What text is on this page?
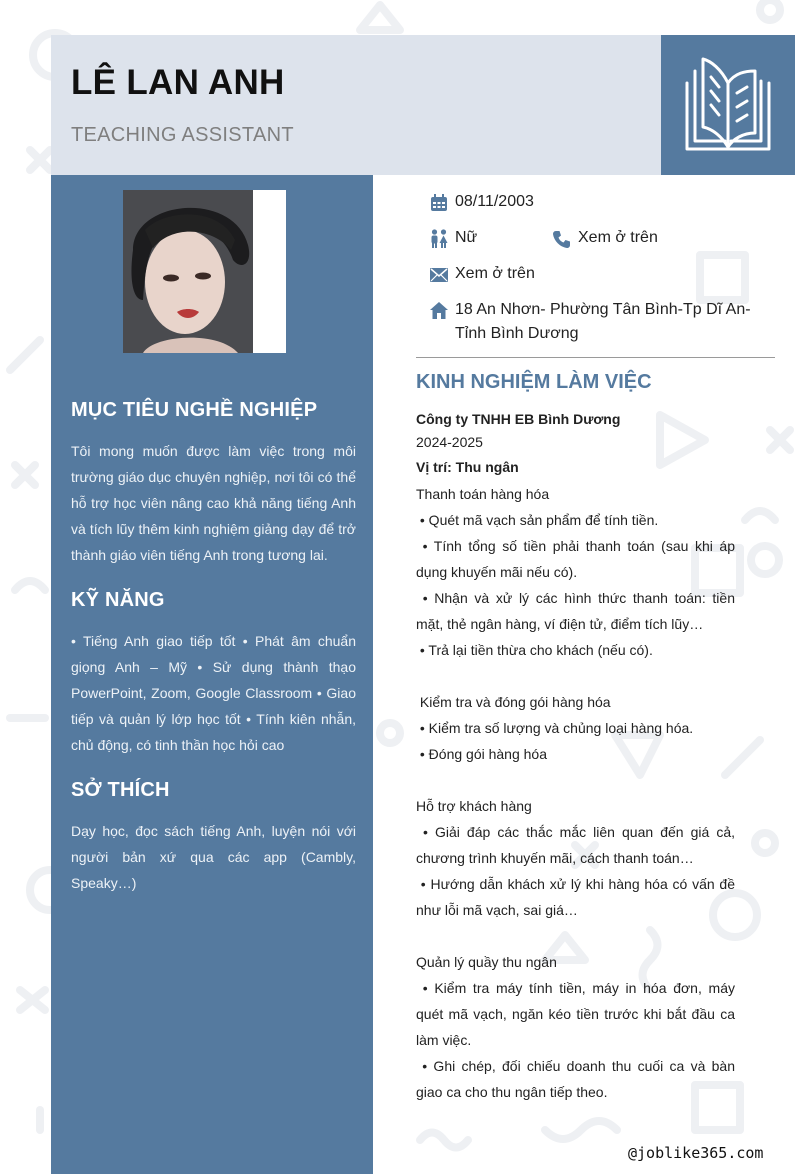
LÊ LAN ANH
TEACHING ASSISTANT
MỤC TIÊU NGHỀ NGHIỆP

Tôi mong muốn được làm việc trong môi trường giáo dục chuyên nghiệp, nơi tôi có thể hỗ trợ học viên nâng cao khả năng tiếng Anh và tích lũy thêm kinh nghiệm giảng dạy để trở thành giáo viên tiếng Anh trong tương lai.

KỸ NĂNG

• Tiếng Anh giao tiếp tốt • Phát âm chuẩn giọng Anh – Mỹ • Sử dụng thành thạo PowerPoint, Zoom, Google Classroom • Giao tiếp và quản lý lớp học tốt • Tính kiên nhẫn, chủ động, có tinh thần học hỏi cao

SỞ THÍCH

Dạy học, đọc sách tiếng Anh, luyện nói với người bản xứ qua các app (Cambly, Speaky…)

08/11/2003
Nữ	Xem ở trên
Xem ở trên
18 An Nhơn- Phường Tân Bình-Tp Dĩ An-Tỉnh Bình Dương
KINH NGHIỆM LÀM VIỆC
Công ty TNHH EB Bình Dương
2024-2025
Vị trí: Thu ngân
Thanh toán hàng hóa
• Quét mã vạch sản phẩm để tính tiền.
• Tính tổng số tiền phải thanh toán (sau khi áp dụng khuyến mãi nếu có).
• Nhận và xử lý các hình thức thanh toán: tiền mặt, thẻ ngân hàng, ví điện tử, điểm tích lũy…
• Trả lại tiền thừa cho khách (nếu có).
Kiểm tra và đóng gói hàng hóa
• Kiểm tra số lượng và chủng loại hàng hóa.
• Đóng gói hàng hóa
Hỗ trợ khách hàng
• Giải đáp các thắc mắc liên quan đến giá cả, chương trình khuyến mãi, cách thanh toán…
• Hướng dẫn khách xử lý khi hàng hóa có vấn đề như lỗi mã vạch, sai giá…
Quản lý quầy thu ngân
• Kiểm tra máy tính tiền, máy in hóa đơn, máy quét mã vạch, ngăn kéo tiền trước khi bắt đầu ca làm việc.
• Ghi chép, đối chiếu doanh thu cuối ca và bàn giao ca cho thu ngân tiếp theo.
@joblike365.com
